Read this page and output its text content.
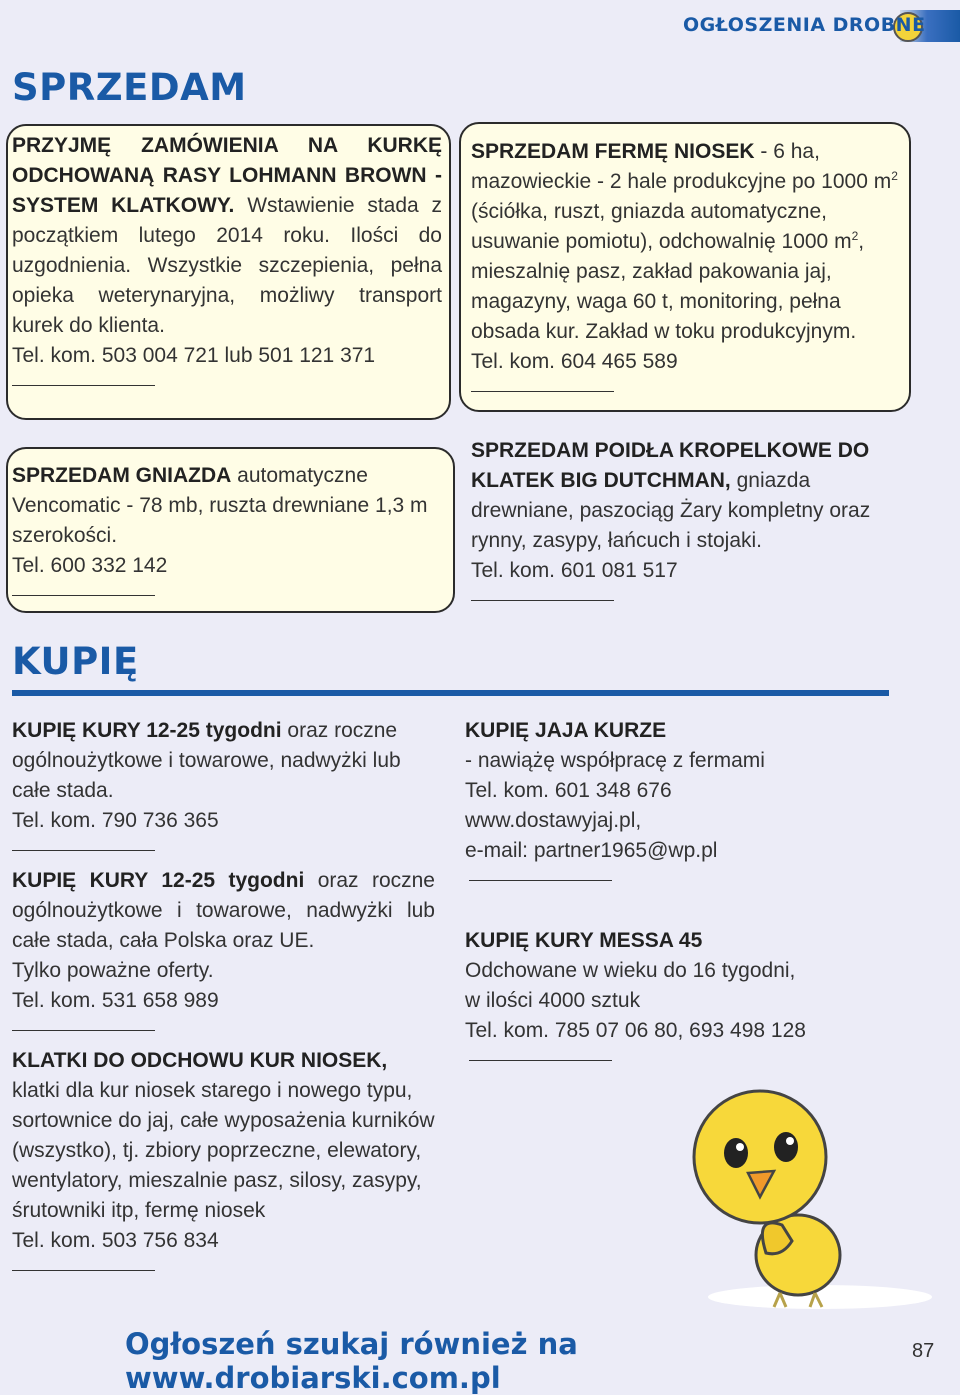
OGŁOSZENIA DROBNE
SPRZEDAM
PRZYJMĘ ZAMÓWIENIA NA KURKĘ ODCHOWANĄ RASY LOHMANN BROWN - SYSTEM KLATKOWY. Wstawienie stada z początkiem lutego 2014 roku. Ilości do uzgodnienia. Wszystkie szczepienia, pełna opieka weterynaryjna, możliwy transport kurek do klienta.
Tel. kom. 503 004 721 lub 501 121 371
SPRZEDAM FERMĘ NIOSEK - 6 ha, mazowieckie - 2 hale produkcyjne po 1000 $m^2$ (ściółka, ruszt, gniazda automatyczne, usuwanie pomiotu), odchowalnię 1000 $m^2$, mieszalnię pasz, zakład pakowania jaj, magazyny, waga 60 t, monitoring, pełna obsada kur. Zakład w toku produkcyjnym.
Tel. kom. 604 465 589
SPRZEDAM GNIAZDA automatyczne Vencomatic - 78 mb, ruszta drewniane 1,3 m szerokości.
Tel. 600 332 142
SPRZEDAM POIDŁA KROPELKOWE DO KLATEK BIG DUTCHMAN, gniazda drewniane, paszociąg Żary kompletny oraz rynny, zasypy, łańcuch i stojaki.
Tel. kom. 601 081 517
KUPIĘ
KUPIĘ KURY 12-25 tygodni oraz roczne ogólnoużytkowe i towarowe, nadwyżki lub całe stada.
Tel. kom. 790 736 365
KUPIĘ KURY 12-25 tygodni oraz roczne ogólnoużytkowe i towarowe, nadwyżki lub całe stada, cała Polska oraz UE.
Tylko poważne oferty.
Tel. kom. 531 658 989
KLATKI DO ODCHOWU KUR NIOSEK, klatki dla kur niosek starego i nowego typu, sortownice do jaj, całe wyposażenia kurników (wszystko), tj. zbiory poprzeczne, elewatory, wentylatory, mieszalnie pasz, silosy, zasypy, śrutowniki itp, fermę niosek
Tel. kom. 503 756 834
KUPIĘ JAJA KURZE
- nawiążę współpracę z fermami
Tel. kom. 601 348 676
www.dostawyjaj.pl,
e-mail: partner1965@wp.pl
KUPIĘ KURY MESSA 45
Odchowane w wieku do 16 tygodni,
w ilości 4000 sztuk
Tel. kom. 785 07 06 80, 693 498 128
Ogłoszeń szukaj również na www.drobiarski.com.pl
87
